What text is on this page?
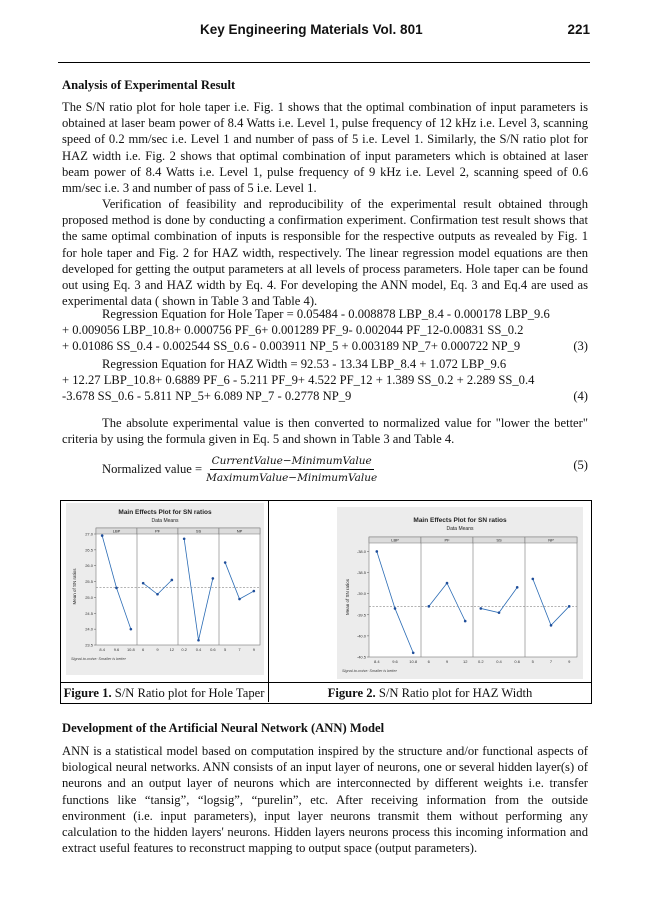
Key Engineering Materials Vol. 801	221
Analysis of Experimental Result
The S/N ratio plot for hole taper i.e. Fig. 1 shows that the optimal combination of input parameters is obtained at laser beam power of 8.4 Watts i.e. Level 1, pulse frequency of 12 kHz i.e. Level 3, scanning speed of 0.2 mm/sec i.e. Level 1 and number of pass of 5 i.e. Level 1. Similarly, the S/N ratio plot for HAZ width i.e. Fig. 2 shows that optimal combination of input parameters which is obtained at laser beam power of 8.4 Watts i.e. Level 1, pulse frequency of 9 kHz i.e. Level 2, scanning speed of 0.6 mm/sec i.e. 3 and number of pass of 5 i.e. Level 1.
Verification of feasibility and reproducibility of the experimental result obtained through proposed method is done by conducting a confirmation experiment. Confirmation test result shows that the same optimal combination of inputs is responsible for the respective outputs as revealed by Fig. 1 for hole taper and Fig. 2 for HAZ width, respectively. The linear regression model equations are then developed for getting the output parameters at all levels of process parameters. Hole taper can be found out using Eq. 3 and HAZ width by Eq. 4. For developing the ANN model, Eq. 3 and Eq.4 are used as experimental data ( shown in Table 3 and Table 4).
Regression Equation for Hole Taper = 0.05484 - 0.008878 LBP_8.4 - 0.000178 LBP_9.6
+ 0.009056 LBP_10.8+ 0.000756 PF_6+ 0.001289 PF_9- 0.002044 PF_12-0.00831 SS_0.2
+ 0.01086 SS_0.4 - 0.002544 SS_0.6 - 0.003911 NP_5 + 0.003189 NP_7+ 0.000722 NP_9	(3)
Regression Equation for HAZ Width = 92.53 - 13.34 LBP_8.4 + 1.072 LBP_9.6
+ 12.27 LBP_10.8+ 0.6889 PF_6 - 5.211 PF_9+ 4.522 PF_12 + 1.389 SS_0.2 + 2.289 SS_0.4
-3.678 SS_0.6 - 5.811 NP_5+ 6.089 NP_7 - 0.2778 NP_9	(4)
The absolute experimental value is then converted to normalized value for "lower the better" criteria by using the formula given in Eq. 5 and shown in Table 3 and Table 4.
Normalized value = $\frac{\text{CurrentValue−MinimumValue}}{\text{MaximumValue−MinimumValue}}$	(5)
Main Effects Plot for SN ratios
Data Means
27.0
26.5
26.0
25.5
25.0
24.5
24.0
23.5
LBP
8.4 9.6 10.8
PF
6	9	12
SS
0.2 0.4 0.6
NP
5	7	9
Mean of SN ratios
Signal-to-noise: Smaller is better
Main Effects Plot for SN ratios
Data Means
-38.0
-38.5
-39.0
-39.5
-40.0
-40.5
LBP
8.4	9.6	10.8
PF
6	9	12
SS
0.2	0.4	0.6
NP
5	7	9
Mean of SN ratios
Signal-to-noise: Smaller is better
Figure 1. S/N Ratio plot for Hole Taper	Figure 2. S/N Ratio plot for HAZ Width
Development of the Artificial Neural Network (ANN) Model
ANN is a statistical model based on computation inspired by the structure and/or functional aspects of biological neural networks. ANN consists of an input layer of neurons, one or several hidden layer(s) of neurons and an output layer of neurons which are interconnected by different weights i.e. transfer functions like “tansig”, “logsig”, “purelin”, etc. After receiving information from the outside environment (i.e. input parameters), input layer neurons transmit them without performing any calculation to the hidden layers' neurons. Hidden layers neurons process this incoming information and extract useful features to reconstruct mapping to output space (output parameters).
